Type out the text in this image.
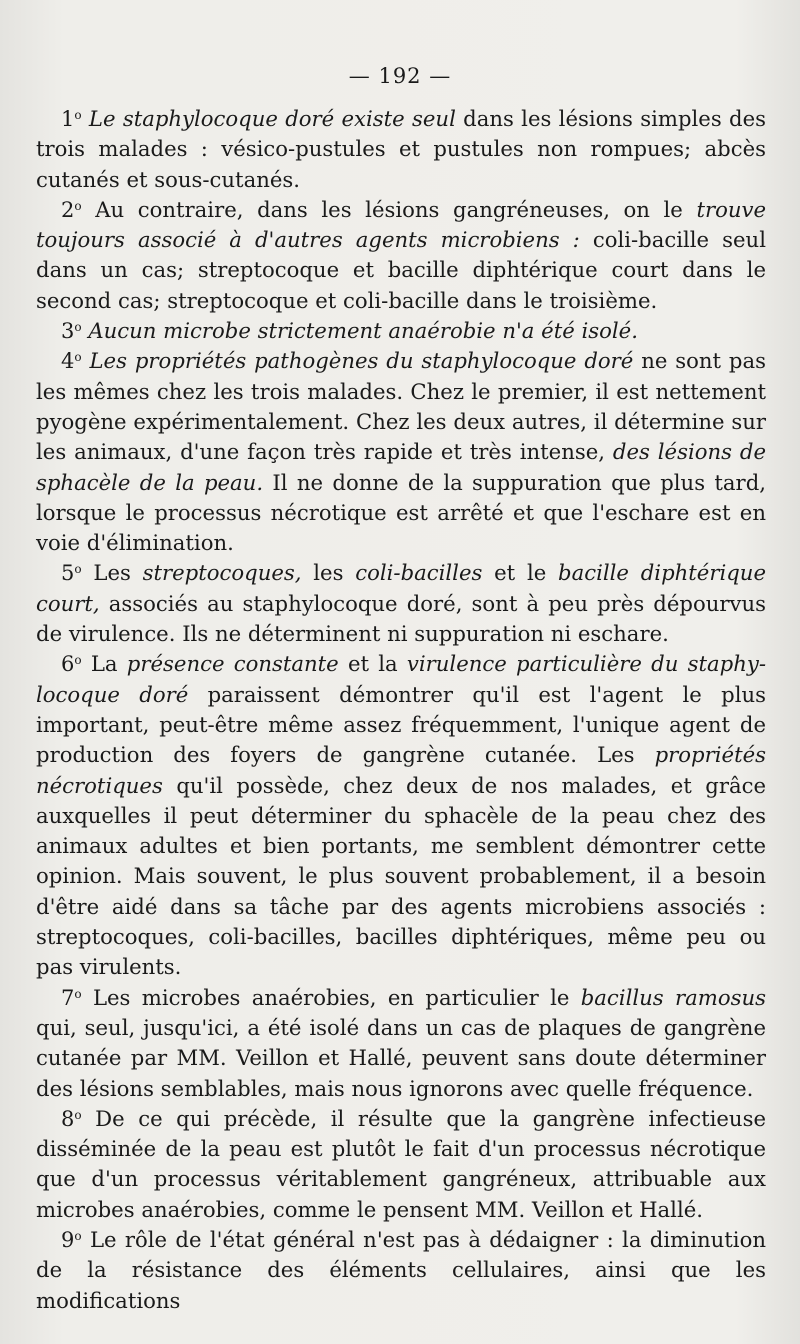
— 192 —

1$^o$ Le staphylocoque doré existe seul dans les lésions simples des trois malades : vésico-pustules et pustules non rompues; abcès cutanés et sous-cutanés.

2$^o$ Au contraire, dans les lésions gangréneuses, on le trouve toujours associé à d'autres agents microbiens : coli-bacille seul dans un cas; streptocoque et bacille diphtérique court dans le second cas; streptocoque et coli-bacille dans le troisième.

3$^o$ Aucun microbe strictement anaérobie n'a été isolé.

4$^o$ Les propriétés pathogènes du staphylocoque doré ne sont pas les mêmes chez les trois malades. Chez le premier, il est nettement pyogène expérimentalement. Chez les deux autres, il détermine sur les animaux, d'une façon très rapide et très intense, des lésions de sphacèle de la peau. Il ne donne de la suppuration que plus tard, lorsque le processus nécrotique est arrêté et que l'eschare est en voie d'élimination.

5$^o$ Les streptocoques, les coli-bacilles et le bacille diphtérique court, associés au staphylocoque doré, sont à peu près dépourvus de virulence. Ils ne déterminent ni suppuration ni eschare.

6$^o$ La présence constante et la virulence particulière du staphylocoque doré paraissent démontrer qu'il est l'agent le plus important, peut-être même assez fréquemment, l'unique agent de production des foyers de gangrène cutanée. Les propriétés nécrotiques qu'il possède, chez deux de nos malades, et grâce auxquelles il peut déterminer du sphacèle de la peau chez des animaux adultes et bien portants, me semblent démontrer cette opinion. Mais souvent, le plus souvent probablement, il a besoin d'être aidé dans sa tâche par des agents microbiens associés : streptocoques, coli-bacilles, bacilles diphtériques, même peu ou pas virulents.

7$^o$ Les microbes anaérobies, en particulier le bacillus ramosus qui, seul, jusqu'ici, a été isolé dans un cas de plaques de gangrène cutanée par MM. Veillon et Hallé, peuvent sans doute déterminer des lésions semblables, mais nous ignorons avec quelle fréquence.

8$^o$ De ce qui précède, il résulte que la gangrène infectieuse disséminée de la peau est plutôt le fait d'un processus nécrotique que d'un processus véritablement gangréneux, attribuable aux microbes anaérobies, comme le pensent MM. Veillon et Hallé.

9$^o$ Le rôle de l'état général n'est pas à dédaigner : la diminution de la résistance des éléments cellulaires, ainsi que les modifications
